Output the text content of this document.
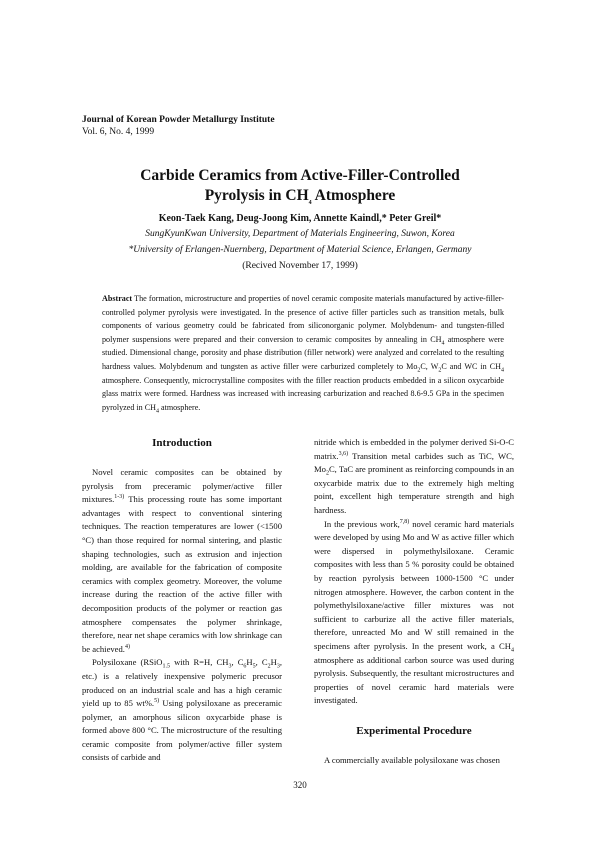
Journal of Korean Powder Metallurgy Institute
Vol. 6, No. 4, 1999
Carbide Ceramics from Active-Filler-Controlled
Pyrolysis in $CH_4$ Atmosphere
Keon-Taek Kang, Deug-Joong Kim, Annette Kaindl,* Peter Greil*
SungKyunKwan University, Department of Materials Engineering, Suwon, Korea
*University of Erlangen-Nuernberg, Department of Material Science, Erlangen, Germany
(Recived November 17, 1999)
Abstract The formation, microstructure and properties of novel ceramic composite materials manufactured by active-filler-controlled polymer pyrolysis were investigated. In the presence of active filler particles such as transition metals, bulk components of various geometry could be fabricated from siliconorganic polymer. Molybdenum- and tungsten-filled polymer suspensions were prepared and their conversion to ceramic composites by annealing in $CH_4$ atmosphere were studied. Dimensional change, porosity and phase distribution (filler network) were analyzed and correlated to the resulting hardness values. Molybdenum and tungsten as active filler were carburized completely to $Mo_2C$, $W_2C$ and WC in $CH_4$ atmosphere. Consequently, microcrystalline composites with the filler reaction products embedded in a silicon oxycarbide glass matrix were formed. Hardness was increased with increasing carburization and reached 8.6-9.5 GPa in the specimen pyrolyzed in $CH_4$ atmosphere.
Introduction

Novel ceramic composites can be obtained by pyrolysis from preceramic polymer/active filler mixtures.$^{1-3)}$ This processing route has some important advantages with respect to conventional sintering techniques. The reaction temperatures are lower (<1500 °C) than those required for normal sintering, and plastic shaping technologies, such as extrusion and injection molding, are available for the fabrication of composite ceramics with complex geometry. Moreover, the volume increase during the reaction of the active filler with decomposition products of the polymer or reaction gas atmosphere compensates the polymer shrinkage, therefore, near net shape ceramics with low shrinkage can be achieved.$^{4)}$

Polysiloxane (RSiO$_{1.5}$ with R=H, $CH_3$, $C_6H_5$, $C_2H_3$, etc.) is a relatively inexpensive polymeric precusor produced on an industrial scale and has a high ceramic yield up to 85 wt%.$^{5)}$ Using polysiloxane as preceramic polymer, an amorphous silicon oxycarbide phase is formed above 800 °C. The microstructure of the resulting ceramic composite from polymer/active filler system consists of carbide and

nitride which is embedded in the polymer derived Si-O-C matrix.$^{3,6)}$ Transition metal carbides such as TiC, WC, $Mo_2C$, TaC are prominent as reinforcing compounds in an oxycarbide matrix due to the extremely high melting point, excellent high temperature strength and high hardness.

In the previous work,$^{7,8)}$ novel ceramic hard materials were developed by using Mo and W as active filler which were dispersed in polymethylsiloxane. Ceramic composites with less than 5 % porosity could be obtained by reaction pyrolysis between 1000-1500 °C under nitrogen atmosphere. However, the carbon content in the polymethylsiloxane/active filler mixtures was not sufficient to carburize all the active filler materials, therefore, unreacted Mo and W still remained in the specimens after pyrolysis. In the present work, a $CH_4$ atmosphere as additional carbon source was used during pyrolysis. Subsequently, the resultant microstructures and properties of novel ceramic hard materials were investigated.

Experimental Procedure

A commercially available polysiloxane was chosen

320
